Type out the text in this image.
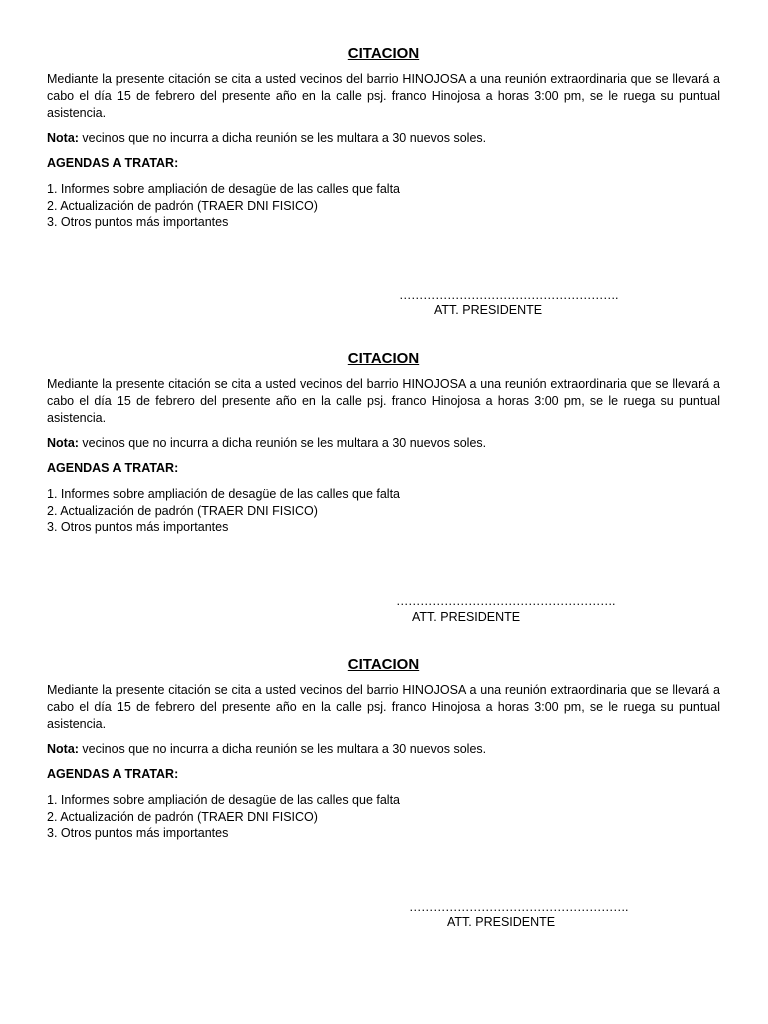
CITACION

Mediante la presente citación se cita a usted vecinos del barrio HINOJOSA a una reunión extraordinaria que se llevará a cabo el día 15 de febrero del presente año en la calle psj. franco Hinojosa a horas 3:00 pm, se le ruega su puntual asistencia.

Nota: vecinos que no incurra a dicha reunión se les multara a 30 nuevos soles.

AGENDAS A TRATAR:

1. Informes sobre ampliación de desagüe de las calles que falta
2. Actualización de padrón (TRAER DNI FISICO)
3. Otros puntos más importantes
……………………………………………….
ATT. PRESIDENTE
CITACION

Mediante la presente citación se cita a usted vecinos del barrio HINOJOSA a una reunión extraordinaria que se llevará a cabo el día 15 de febrero del presente año en la calle psj. franco Hinojosa a horas 3:00 pm, se le ruega su puntual asistencia.

Nota: vecinos que no incurra a dicha reunión se les multara a 30 nuevos soles.

AGENDAS A TRATAR:

1. Informes sobre ampliación de desagüe de las calles que falta
2. Actualización de padrón (TRAER DNI FISICO)
3. Otros puntos más importantes
……………………………………………….
ATT. PRESIDENTE
CITACION

Mediante la presente citación se cita a usted vecinos del barrio HINOJOSA a una reunión extraordinaria que se llevará a cabo el día 15 de febrero del presente año en la calle psj. franco Hinojosa a horas 3:00 pm, se le ruega su puntual asistencia.

Nota: vecinos que no incurra a dicha reunión se les multara a 30 nuevos soles.

AGENDAS A TRATAR:

1. Informes sobre ampliación de desagüe de las calles que falta
2. Actualización de padrón (TRAER DNI FISICO)
3. Otros puntos más importantes
……………………………………………….
ATT. PRESIDENTE
